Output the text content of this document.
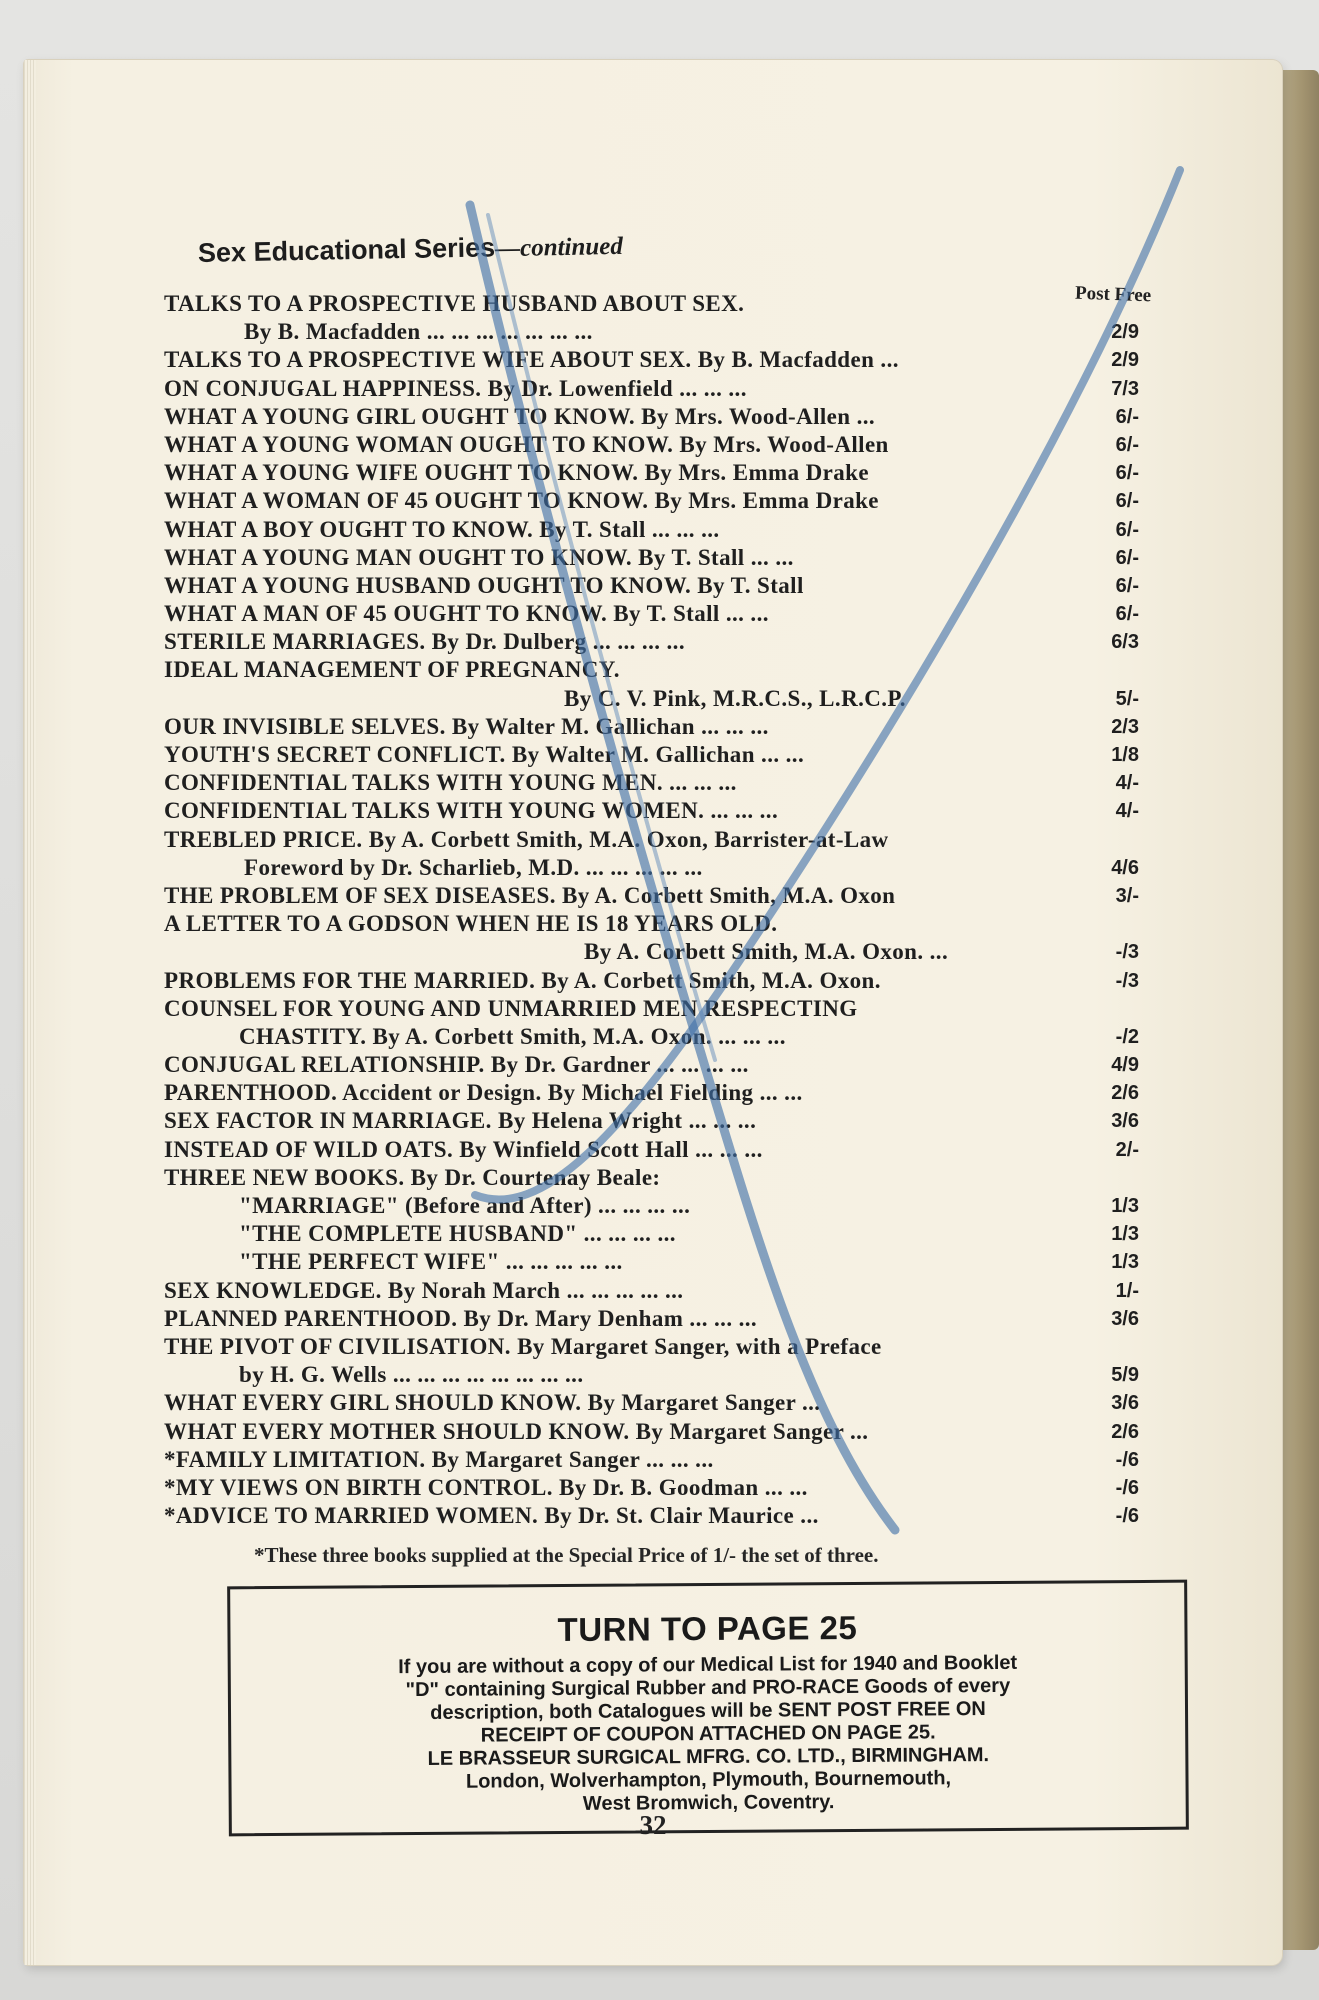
Sex Educational Series—continued
Post Free
TALKS TO A PROSPECTIVE HUSBAND ABOUT SEX.
By B. Macfadden ... ... ... ... ... ... ...	2/9
TALKS TO A PROSPECTIVE WIFE ABOUT SEX. By B. Macfadden ...	2/9
ON CONJUGAL HAPPINESS. By Dr. Lowenfield ... ... ...	7/3
WHAT A YOUNG GIRL OUGHT TO KNOW. By Mrs. Wood-Allen ...	6/-
WHAT A YOUNG WOMAN OUGHT TO KNOW. By Mrs. Wood-Allen	6/-
WHAT A YOUNG WIFE OUGHT TO KNOW. By Mrs. Emma Drake	6/-
WHAT A WOMAN OF 45 OUGHT TO KNOW. By Mrs. Emma Drake	6/-
WHAT A BOY OUGHT TO KNOW. By T. Stall ... ... ...	6/-
WHAT A YOUNG MAN OUGHT TO KNOW. By T. Stall ... ...	6/-
WHAT A YOUNG HUSBAND OUGHT TO KNOW. By T. Stall	6/-
WHAT A MAN OF 45 OUGHT TO KNOW. By T. Stall ... ...	6/-
STERILE MARRIAGES. By Dr. Dulberg ... ... ... ...	6/3
IDEAL MANAGEMENT OF PREGNANCY.
By C. V. Pink, M.R.C.S., L.R.C.P.	5/-
OUR INVISIBLE SELVES. By Walter M. Gallichan ... ... ...	2/3
YOUTH'S SECRET CONFLICT. By Walter M. Gallichan ... ...	1/8
CONFIDENTIAL TALKS WITH YOUNG MEN. ... ... ...	4/-
CONFIDENTIAL TALKS WITH YOUNG WOMEN. ... ... ...	4/-
TREBLED PRICE. By A. Corbett Smith, M.A. Oxon, Barrister-at-Law
Foreword by Dr. Scharlieb, M.D. ... ... ... ... ...	4/6
THE PROBLEM OF SEX DISEASES. By A. Corbett Smith, M.A. Oxon	3/-
A LETTER TO A GODSON WHEN HE IS 18 YEARS OLD.
By A. Corbett Smith, M.A. Oxon. ...	-/3
PROBLEMS FOR THE MARRIED. By A. Corbett Smith, M.A. Oxon.	-/3
COUNSEL FOR YOUNG AND UNMARRIED MEN RESPECTING
CHASTITY. By A. Corbett Smith, M.A. Oxon. ... ... ...	-/2
CONJUGAL RELATIONSHIP. By Dr. Gardner ... ... ... ...	4/9
PARENTHOOD. Accident or Design. By Michael Fielding ... ...	2/6
SEX FACTOR IN MARRIAGE. By Helena Wright ... ... ...	3/6
INSTEAD OF WILD OATS. By Winfield Scott Hall ... ... ...	2/-
THREE NEW BOOKS. By Dr. Courtenay Beale:
"MARRIAGE" (Before and After) ... ... ... ...	1/3
"THE COMPLETE HUSBAND" ... ... ... ...	1/3
"THE PERFECT WIFE" ... ... ... ... ...	1/3
SEX KNOWLEDGE. By Norah March ... ... ... ... ...	1/-
PLANNED PARENTHOOD. By Dr. Mary Denham ... ... ...	3/6
THE PIVOT OF CIVILISATION. By Margaret Sanger, with a Preface
by H. G. Wells ... ... ... ... ... ... ... ...	5/9
WHAT EVERY GIRL SHOULD KNOW. By Margaret Sanger ...	3/6
WHAT EVERY MOTHER SHOULD KNOW. By Margaret Sanger ...	2/6
*FAMILY LIMITATION. By Margaret Sanger ... ... ...	-/6
*MY VIEWS ON BIRTH CONTROL. By Dr. B. Goodman ... ...	-/6
*ADVICE TO MARRIED WOMEN. By Dr. St. Clair Maurice ...	-/6
*These three books supplied at the Special Price of 1/- the set of three.
TURN TO PAGE 25
If you are without a copy of our Medical List for 1940 and Booklet
"D" containing Surgical Rubber and PRO-RACE Goods of every
description, both Catalogues will be SENT POST FREE ON
RECEIPT OF COUPON ATTACHED ON PAGE 25.
LE BRASSEUR SURGICAL MFRG. CO. LTD., BIRMINGHAM.
London, Wolverhampton, Plymouth, Bournemouth,
West Bromwich, Coventry.
32
